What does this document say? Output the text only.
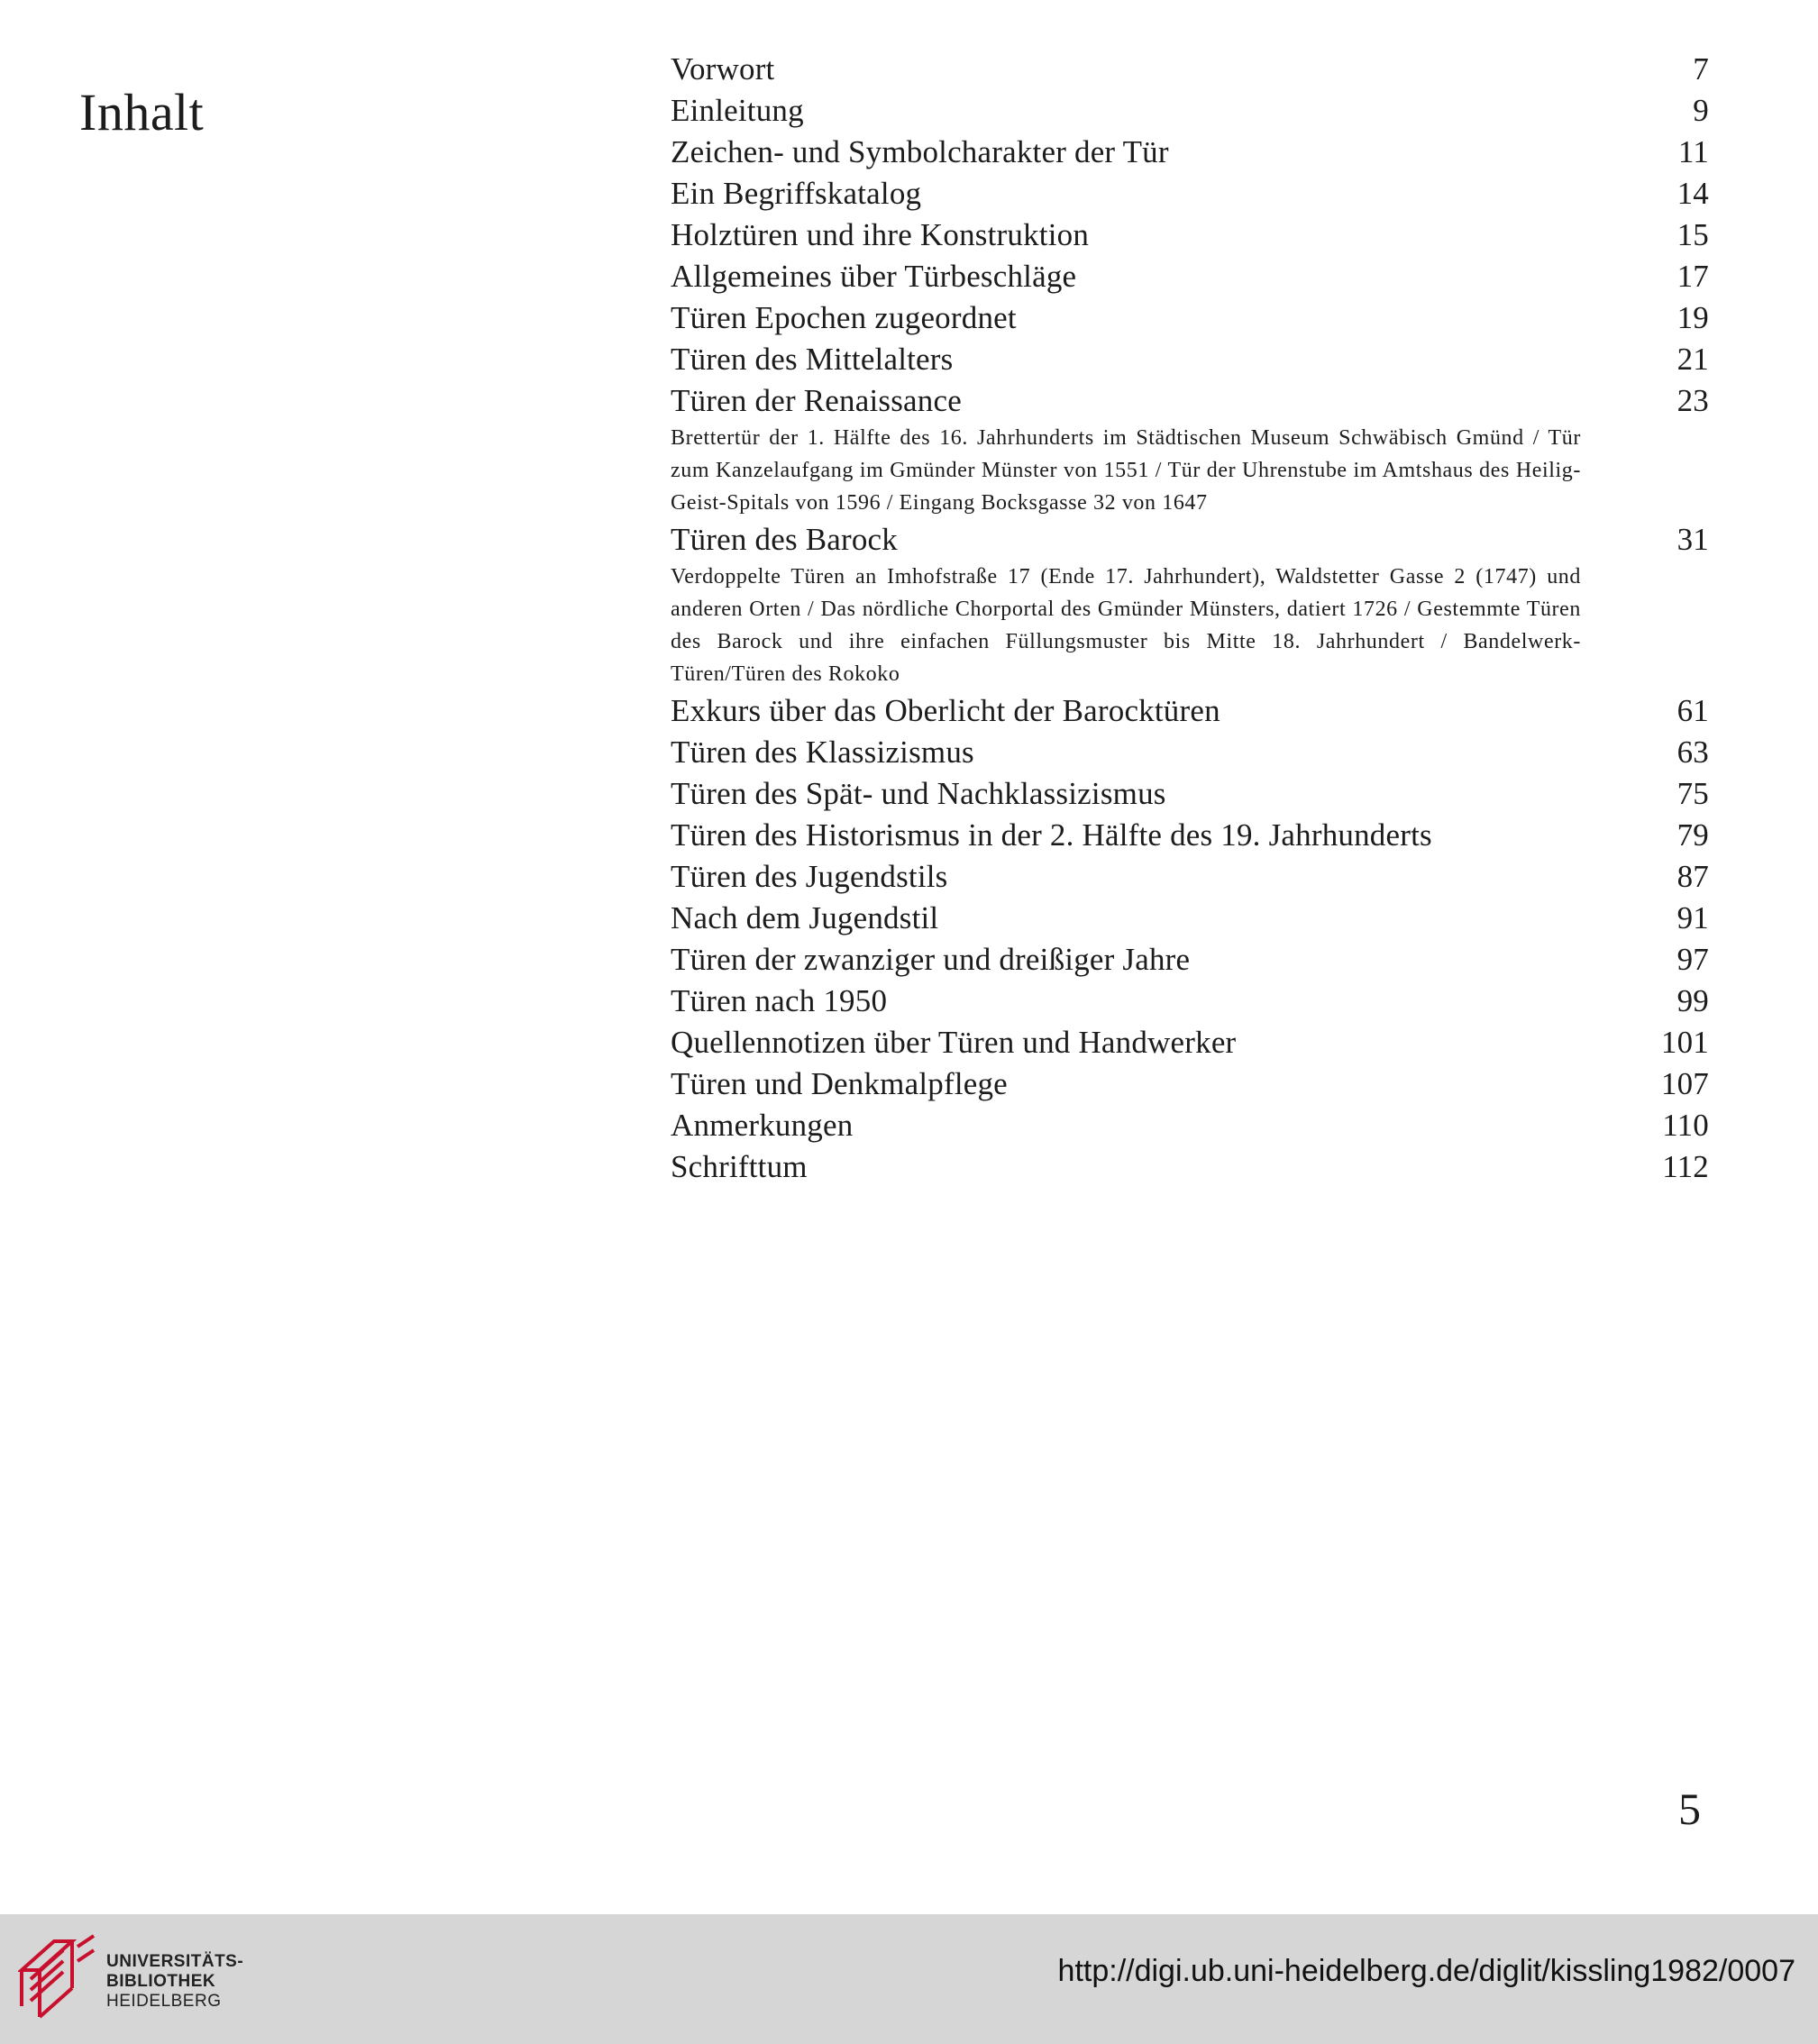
Inhalt
Vorwort	7
Einleitung	9
Zeichen- und Symbolcharakter der Tür	11
Ein Begriffskatalog	14
Holztüren und ihre Konstruktion	15
Allgemeines über Türbeschläge	17
Türen Epochen zugeordnet	19
Türen des Mittelalters	21
Türen der Renaissance	23

Brettertür der 1. Hälfte des 16. Jahrhunderts im Städtischen Museum Schwäbisch Gmünd / Tür zum Kanzelaufgang im Gmünder Münster von 1551 / Tür der Uhrenstube im Amtshaus des Heilig-Geist-Spitals von 1596 / Eingang Bocksgasse 32 von 1647

Türen des Barock	31

Verdoppelte Türen an Imhofstraße 17 (Ende 17. Jahrhundert), Waldstetter Gasse 2 (1747) und anderen Orten / Das nördliche Chorportal des Gmünder Münsters, datiert 1726 / Gestemmte Türen des Barock und ihre einfachen Füllungsmuster bis Mitte 18. Jahrhundert / Bandelwerk-Türen/Türen des Rokoko

Exkurs über das Oberlicht der Barocktüren	61
Türen des Klassizismus	63
Türen des Spät- und Nachklassizismus	75
Türen des Historismus in der 2. Hälfte des 19. Jahrhunderts	79
Türen des Jugendstils	87
Nach dem Jugendstil	91
Türen der zwanziger und dreißiger Jahre	97
Türen nach 1950	99
Quellennotizen über Türen und Handwerker	101
Türen und Denkmalpflege	107
Anmerkungen	110
Schrifttum	112
5
UNIVERSITÄTS-
BIBLIOTHEK
HEIDELBERG
http://digi.ub.uni-heidelberg.de/diglit/kissling1982/0007
